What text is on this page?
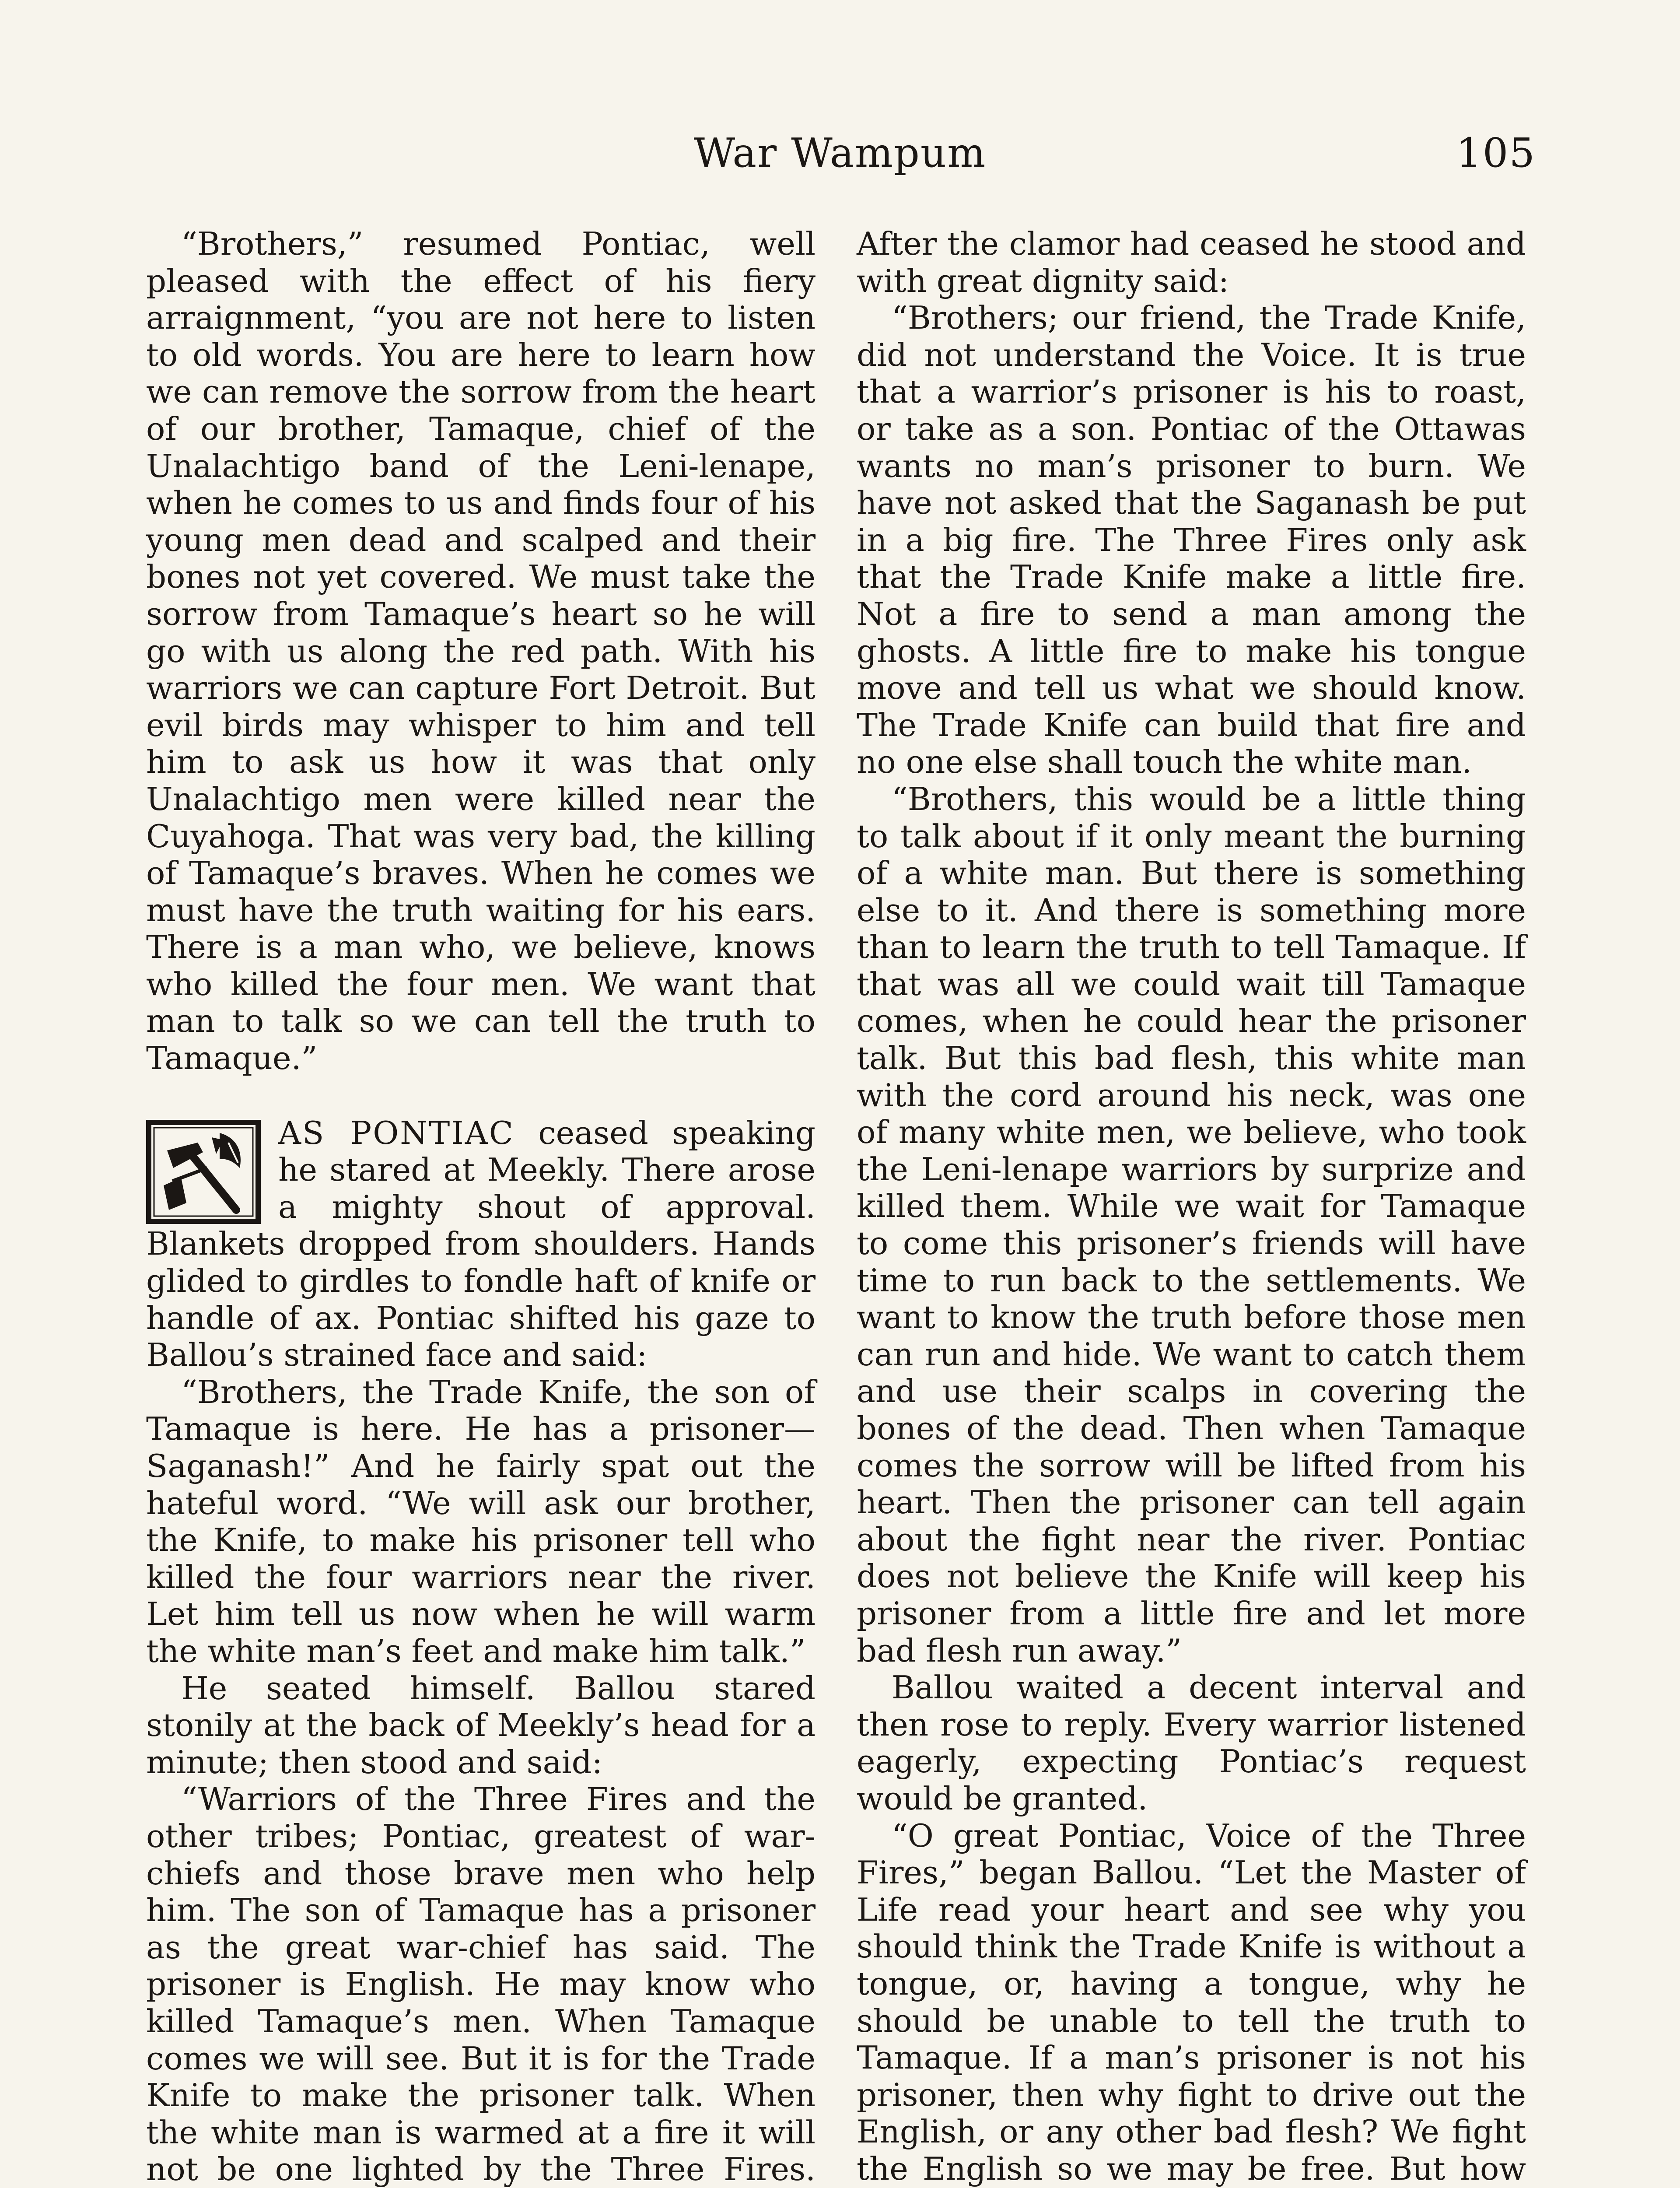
War Wampum	105

“Brothers,” resumed Pontiac, well pleased with the effect of his fiery arraignment, “you are not here to listen to old words. You are here to learn how we can remove the sorrow from the heart of our brother, Tamaque, chief of the Unalachtigo band of the Leni-lenape, when he comes to us and finds four of his young men dead and scalped and their bones not yet covered. We must take the sorrow from Tamaque’s heart so he will go with us along the red path. With his warriors we can capture Fort Detroit. But evil birds may whisper to him and tell him to ask us how it was that only Unalachtigo men were killed near the Cuyahoga. That was very bad, the killing of Tamaque’s braves. When he comes we must have the truth waiting for his ears. There is a man who, we believe, knows who killed the four men. We want that man to talk so we can tell the truth to Tamaque.”

AS PONTIAC ceased speaking he stared at Meekly. There arose a mighty shout of approval. Blankets dropped from shoulders. Hands glided to girdles to fondle haft of knife or handle of ax. Pontiac shifted his gaze to Ballou’s strained face and said:

“Brothers, the Trade Knife, the son of Tamaque is here. He has a prisoner—Saganash!” And he fairly spat out the hateful word. “We will ask our brother, the Knife, to make his prisoner tell who killed the four warriors near the river. Let him tell us now when he will warm the white man’s feet and make him talk.”

He seated himself. Ballou stared stonily at the back of Meekly’s head for a minute; then stood and said:

“Warriors of the Three Fires and the other tribes; Pontiac, greatest of war-chiefs and those brave men who help him. The son of Tamaque has a prisoner as the great war-chief has said. The prisoner is English. He may know who killed Tamaque’s men. When Tamaque comes we will see. But it is for the Trade Knife to make the prisoner talk. When the white man is warmed at a fire it will not be one lighted by the Three Fires.

After the clamor had ceased he stood and with great dignity said:

“Brothers; our friend, the Trade Knife, did not understand the Voice. It is true that a warrior’s prisoner is his to roast, or take as a son. Pontiac of the Ottawas wants no man’s prisoner to burn. We have not asked that the Saganash be put in a big fire. The Three Fires only ask that the Trade Knife make a little fire. Not a fire to send a man among the ghosts. A little fire to make his tongue move and tell us what we should know. The Trade Knife can build that fire and no one else shall touch the white man.

“Brothers, this would be a little thing to talk about if it only meant the burning of a white man. But there is something else to it. And there is something more than to learn the truth to tell Tamaque. If that was all we could wait till Tamaque comes, when he could hear the prisoner talk. But this bad flesh, this white man with the cord around his neck, was one of many white men, we believe, who took the Leni-lenape warriors by surprize and killed them. While we wait for Tamaque to come this prisoner’s friends will have time to run back to the settlements. We want to know the truth before those men can run and hide. We want to catch them and use their scalps in covering the bones of the dead. Then when Tamaque comes the sorrow will be lifted from his heart. Then the prisoner can tell again about the fight near the river. Pontiac does not believe the Knife will keep his prisoner from a little fire and let more bad flesh run away.”

Ballou waited a decent interval and then rose to reply. Every warrior listened eagerly, expecting Pontiac’s request would be granted.

“O great Pontiac, Voice of the Three Fires,” began Ballou. “Let the Master of Life read your heart and see why you should think the Trade Knife is without a tongue, or, having a tongue, why he should be unable to tell the truth to Tamaque. If a man’s prisoner is not his prisoner, then why fight to drive out the English, or any other bad flesh? We fight the English so we may be free. But how
